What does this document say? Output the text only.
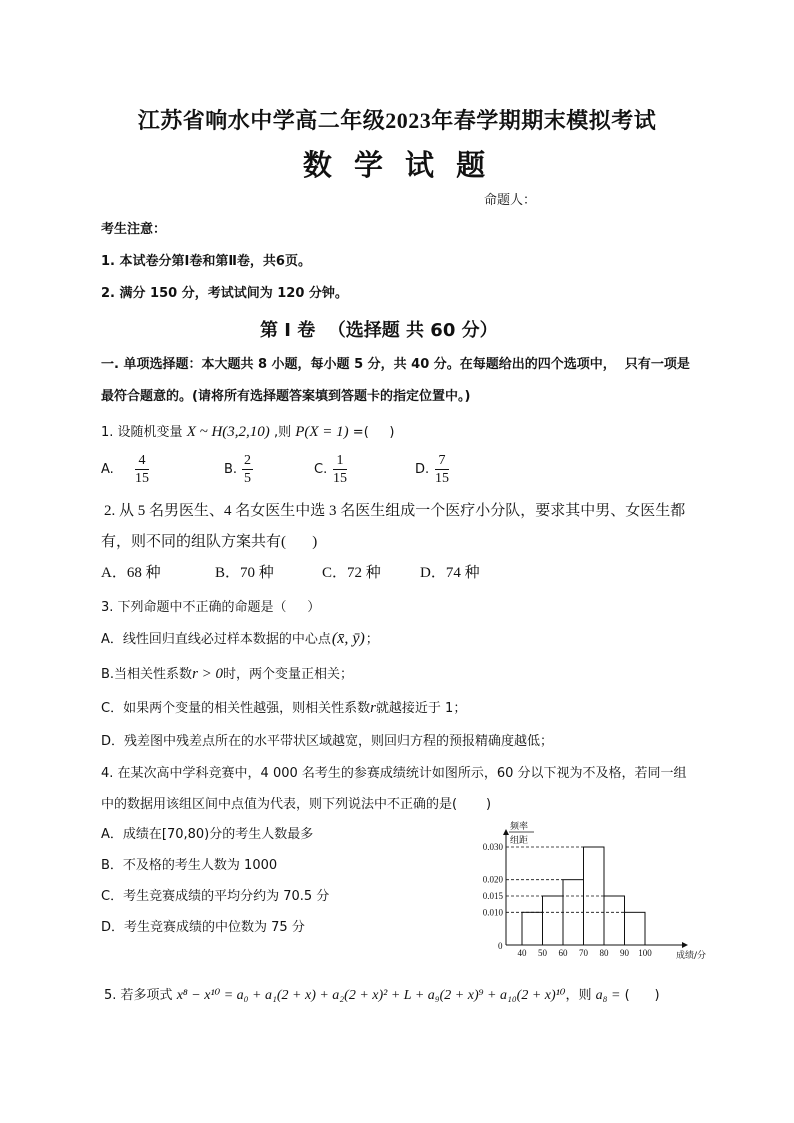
江苏省响水中学高二年级2023年春学期期末模拟考试
数 学 试 题
命题人：
考生注意：
1. 本试卷分第Ⅰ卷和第Ⅱ卷，共6页。
2. 满分 150 分，考试试间为 120 分钟。
第 Ⅰ 卷  （选择题 共 60 分）
一. 单项选择题：本大题共 8 小题，每小题 5 分，共 40 分。在每题给出的四个选项中，  只有一项是
最符合题意的。(请将所有选择题答案填到答题卡的指定位置中。)
1. 设随机变量 X ~ H(3,2,10) ,则 P(X = 1) =(     )
A. $\frac{4}{15}$	B. $\frac{2}{5}$	C. $\frac{1}{15}$	D. $\frac{7}{15}$
2. 从 5 名男医生、4 名女医生中选 3 名医生组成一个医疗小分队，要求其中男、女医生都
有，则不同的组队方案共有(       )
A．68 种	B．70 种	C．72 种	D．74 种
3. 下列命题中不正确的命题是（     ）
A．线性回归直线必过样本数据的中心点(x̄, ȳ)；
B.当相关性系数r > 0时，两个变量正相关；
C．如果两个变量的相关性越强，则相关性系数r就越接近于 1；
D．残差图中残差点所在的水平带状区域越宽，则回归方程的预报精确度越低；
4. 在某次高中学科竞赛中，4 000 名考生的参赛成绩统计如图所示，60 分以下视为不及格，若同一组
中的数据用该组区间中点值为代表，则下列说法中不正确的是(       )
A．成绩在[70,80)分的考生人数最多
B．不及格的考生人数为 1000
C．考生竞赛成绩的平均分约为 70.5 分
D．考生竞赛成绩的中位数为 75 分
频率
组距
成绩/分
0
0.030
0.020
0.015
0.010
40 50 60 70 80 90 100
5. 若多项式 x⁸ − x¹⁰ = a₀ + a₁(2 + x) + a₂(2 + x)² + L + a₉(2 + x)⁹ + a₁₀(2 + x)¹⁰，则 a₈ = (      )
